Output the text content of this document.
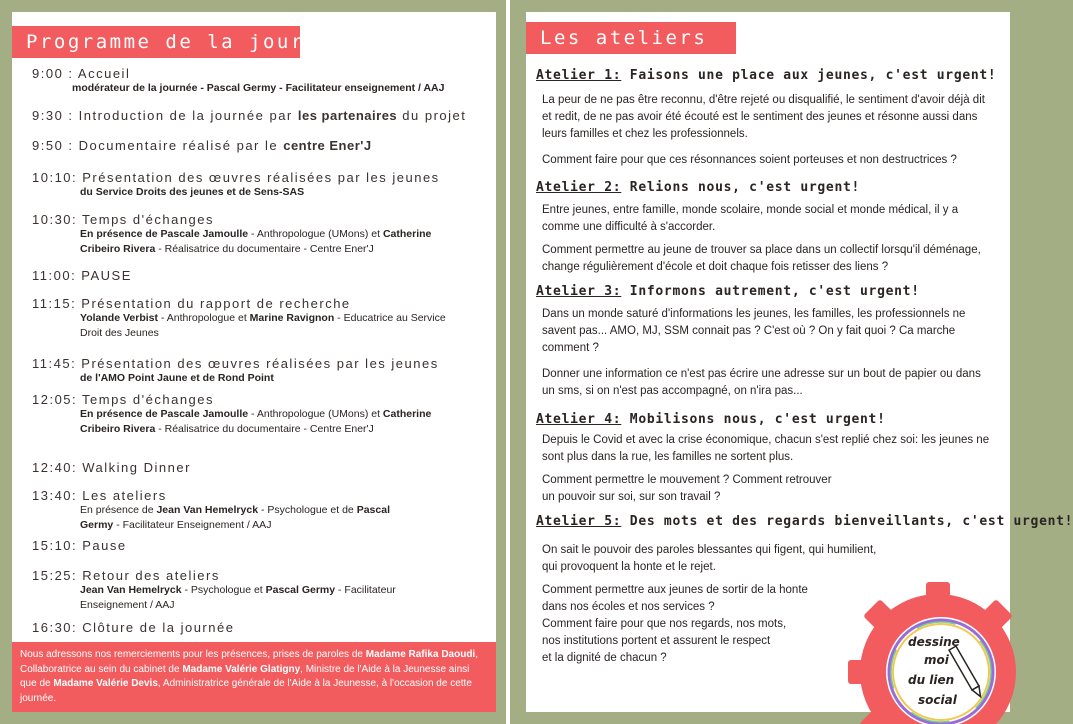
Programme de la journée
9:00 : Accueil
modérateur de la journée - Pascal Germy - Facilitateur enseignement / AAJ
9:30 : Introduction de la journée par les partenaires du projet
9:50 : Documentaire réalisé par le centre Ener'J
10:10: Présentation des œuvres réalisées par les jeunes
du Service Droits des jeunes et de Sens-SAS
10:30: Temps d'échanges
En présence de Pascale Jamoulle - Anthropologue (UMons) et Catherine
Cribeiro Rivera - Réalisatrice du documentaire - Centre Ener'J
11:00: PAUSE
11:15: Présentation du rapport de recherche
Yolande Verbist - Anthropologue et Marine Ravignon - Educatrice au Service
Droit des Jeunes
11:45: Présentation des œuvres réalisées par les jeunes
de l'AMO Point Jaune et de Rond Point
12:05: Temps d'échanges
En présence de Pascale Jamoulle - Anthropologue (UMons) et Catherine
Cribeiro Rivera - Réalisatrice du documentaire - Centre Ener'J
12:40: Walking Dinner
13:40: Les ateliers
En présence de Jean Van Hemelryck - Psychologue et de Pascal
Germy - Facilitateur Enseignement / AAJ
15:10: Pause
15:25: Retour des ateliers
Jean Van Hemelryck - Psychologue et Pascal Germy - Facilitateur
Enseignement / AAJ
16:30: Clôture de la journée
Nous adressons nos remerciements pour les présences, prises de paroles de Madame Rafika Daoudi, Collaboratrice au sein du cabinet de Madame Valérie Glatigny, Ministre de l'Aide à la Jeunesse ainsi que de Madame Valérie Devis, Administratrice générale de l'Aide à la Jeunesse, à l'occasion de cette journée.
Les ateliers
Atelier 1: Faisons une place aux jeunes, c'est urgent!
La peur de ne pas être reconnu, d'être rejeté ou disqualifié, le sentiment d'avoir déjà dit et redit, de ne pas avoir été écouté est le sentiment des jeunes et résonne aussi dans leurs familles et chez les professionnels.
Comment faire pour que ces résonnances soient porteuses et non destructrices ?
Atelier 2: Relions nous, c'est urgent!
Entre jeunes, entre famille, monde scolaire, monde social et monde médical, il y a comme une difficulté à s'accorder.
Comment permettre au jeune de trouver sa place dans un collectif lorsqu'il déménage, change régulièrement d'école et doit chaque fois retisser des liens ?
Atelier 3: Informons autrement, c'est urgent!
Dans un monde saturé d'informations les jeunes, les familles, les professionnels ne savent pas... AMO, MJ, SSM connait pas ? C'est où ? On y fait quoi ? Ca marche comment ?
Donner une information ce n'est pas écrire une adresse sur un bout de papier ou dans un sms, si on n'est pas accompagné, on n'ira pas...
Atelier 4: Mobilisons nous, c'est urgent!
Depuis le Covid et avec la crise économique, chacun s'est replié chez soi: les jeunes ne sont plus dans la rue, les familles ne sortent plus.
Comment permettre le mouvement ? Comment retrouver
un pouvoir sur soi, sur son travail ?
Atelier 5: Des mots et des regards bienveillants, c'est urgent!
On sait le pouvoir des paroles blessantes qui figent, qui humilient,
qui provoquent la honte et le rejet.
Comment permettre aux jeunes de sortir de la honte
dans nos écoles et nos services ?
Comment faire pour que nos regards, nos mots,
nos institutions portent et assurent le respect
et la dignité de chacun ?
dessine
moi
du lien
social
